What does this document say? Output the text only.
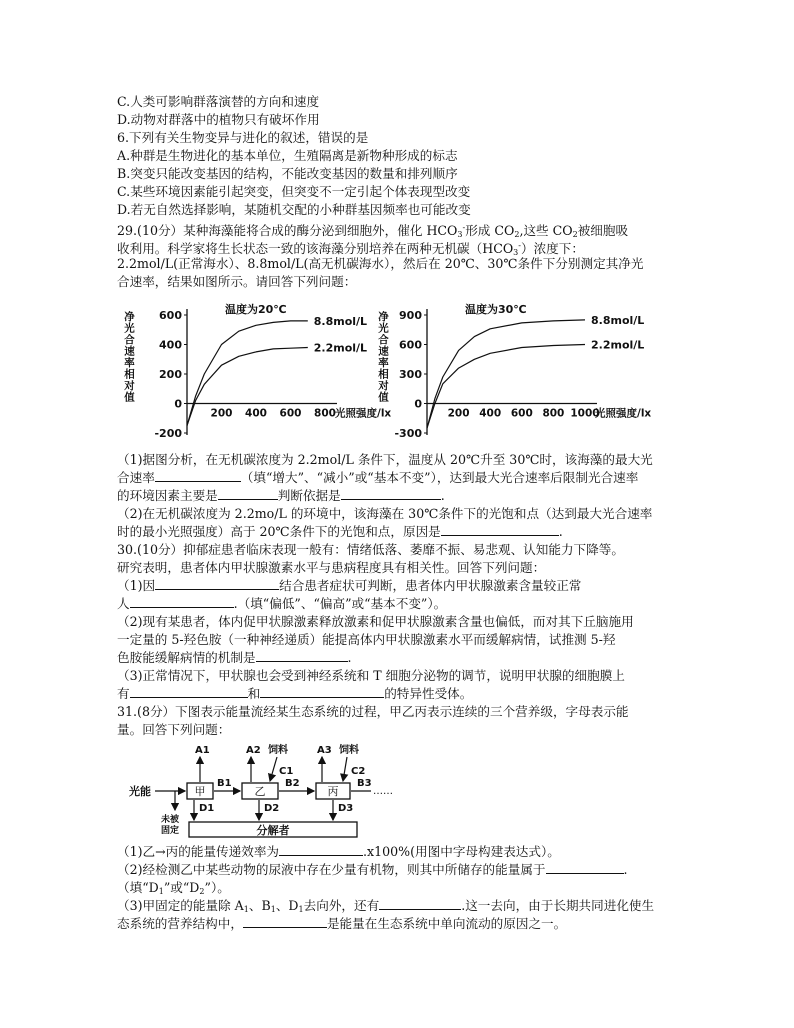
C.人类可影响群落演替的方向和速度
D.动物对群落中的植物只有破坏作用
6.下列有关生物变异与进化的叙述，错误的是
A.种群是生物进化的基本单位，生殖隔离是新物种形成的标志
B.突变只能改变基因的结构，不能改变基因的数量和排列顺序
C.某些环境因素能引起突变，但突变不一定引起个体表现型改变
D.若无自然选择影响，某随机交配的小种群基因频率也可能改变
29.(10分）某种海藻能将合成的酶分泌到细胞外，催化 $HCO_3^-$形成 $CO_2$,这些 $CO_2$被细胞吸
收利用。科学家将生长状态一致的该海藻分别培养在两种无机碳$(HCO_3^-)$浓度下：
2.2mol/L(正常海水）、8.8mol/L(高无机碳海水），然后在 20℃、30℃条件下分别测定其净光
合速率，结果如图所示。请回答下列问题：
600
400
200
0
-200
200 400 600 800 光照强度/lx
温度为20℃
净光合速率相对值	8.8mol/L
2.2mol/L
900
600
300
0
-300
200 400 600 800 1000
光照强度/lx
温度为30℃
净光合速率相对值	8.8mol/L
2.2mol/L
（1)据图分析，在无机碳浓度为 2.2mol/L 条件下，温度从 20℃升至 30℃时，该海藻的最大光
合速率	（填“增大”、“减小”或“基本不变”），达到最大光合速率后限制光合速率
的环境因素主要是	判断依据是	.
（2)在无机碳浓度为 2.2mo/L 的环境中，该海藻在 30℃条件下的光饱和点（达到最大光合速率
时的最小光照强度）高于 20℃条件下的光饱和点，原因是	.
30.(10分）抑郁症患者临床表现一般有：情绪低落、萎靡不振、易悲观、认知能力下降等。
研究表明，患者体内甲状腺激素水平与患病程度具有相关性。回答下列问题：
（1)因	结合患者症状可判断，患者体内甲状腺激素含量较正常
人	.（填“偏低”、“偏高”或“基本不变”）。
（2)现有某患者，体内促甲状腺激素释放激素和促甲状腺激素含量也偏低，而对其下丘脑施用
一定量的 5-羟色胺（一种神经递质）能提高体内甲状腺激素水平而缓解病情，试推测 5-羟
色胺能缓解病情的机制是	.
（3)正常情况下，甲状腺也会受到神经系统和 T 细胞分泌物的调节，说明甲状腺的细胞膜上
有	和	的特异性受体。
31.(8分）下图表示能量流经某生态系统的过程，甲乙丙表示连续的三个营养级，字母表示能
量。回答下列问题：
甲	乙	丙
分解者
光能
未被
固定
A1	A2	A3
饲料
C1
饲料
C2
B1	B2	B3
……
D1	D2	D3
（1)乙→丙的能量传递效率为	.x100%(用图中字母构建表达式）。
（2)经检测乙中某些动物的尿液中存在少量有机物，则其中所储存的能量属于	.
（填“$D_1$”或“$D_2$”）。
（3)甲固定的能量除 $A_1$、$B_1$、$D_1$去向外，还有	.这一去向，由于长期共同进化使生
态系统的营养结构中，	是能量在生态系统中单向流动的原因之一。
